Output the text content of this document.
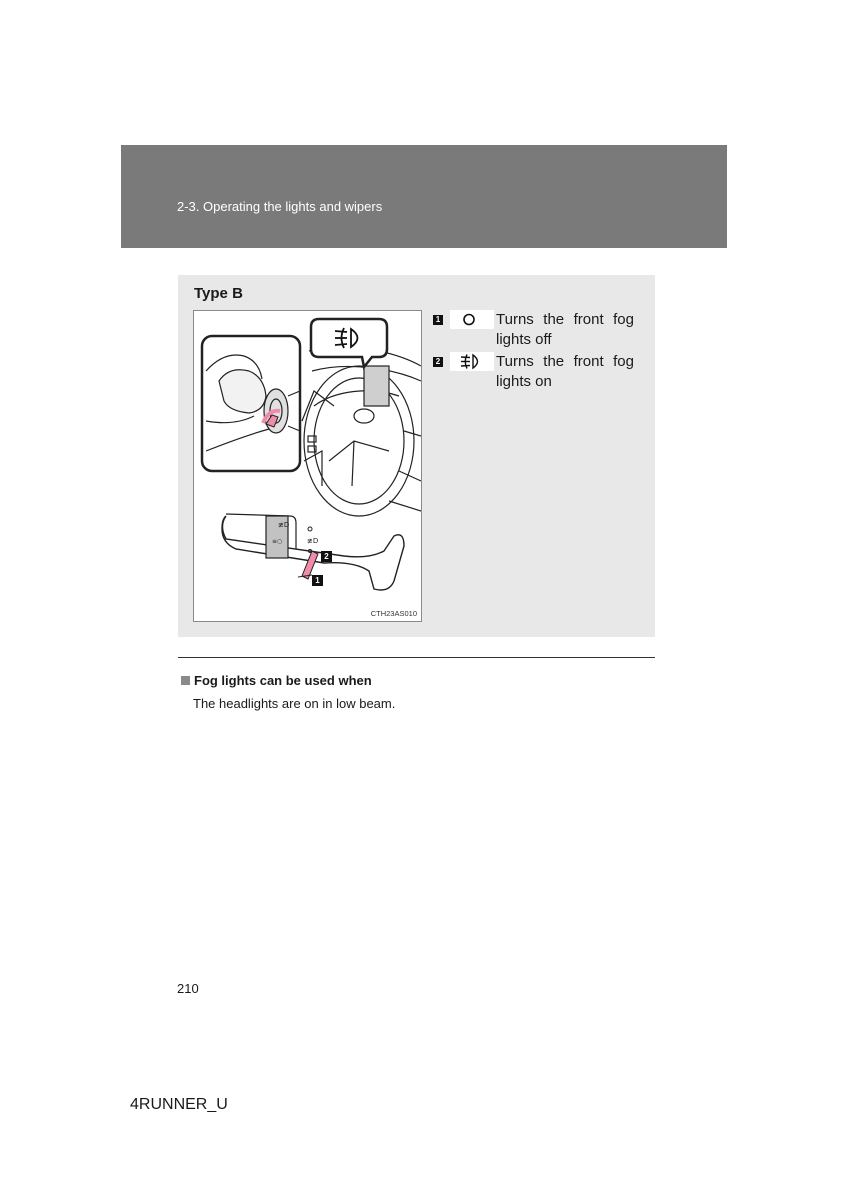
2-3. Operating the lights and wipers
Type B
≢D
≡○	≢D
2
1
CTH23AS010
1	Turns the front fog lights off
2	Turns the front fog lights on
Fog lights can be used when
The headlights are on in low beam.
210
4RUNNER_U
